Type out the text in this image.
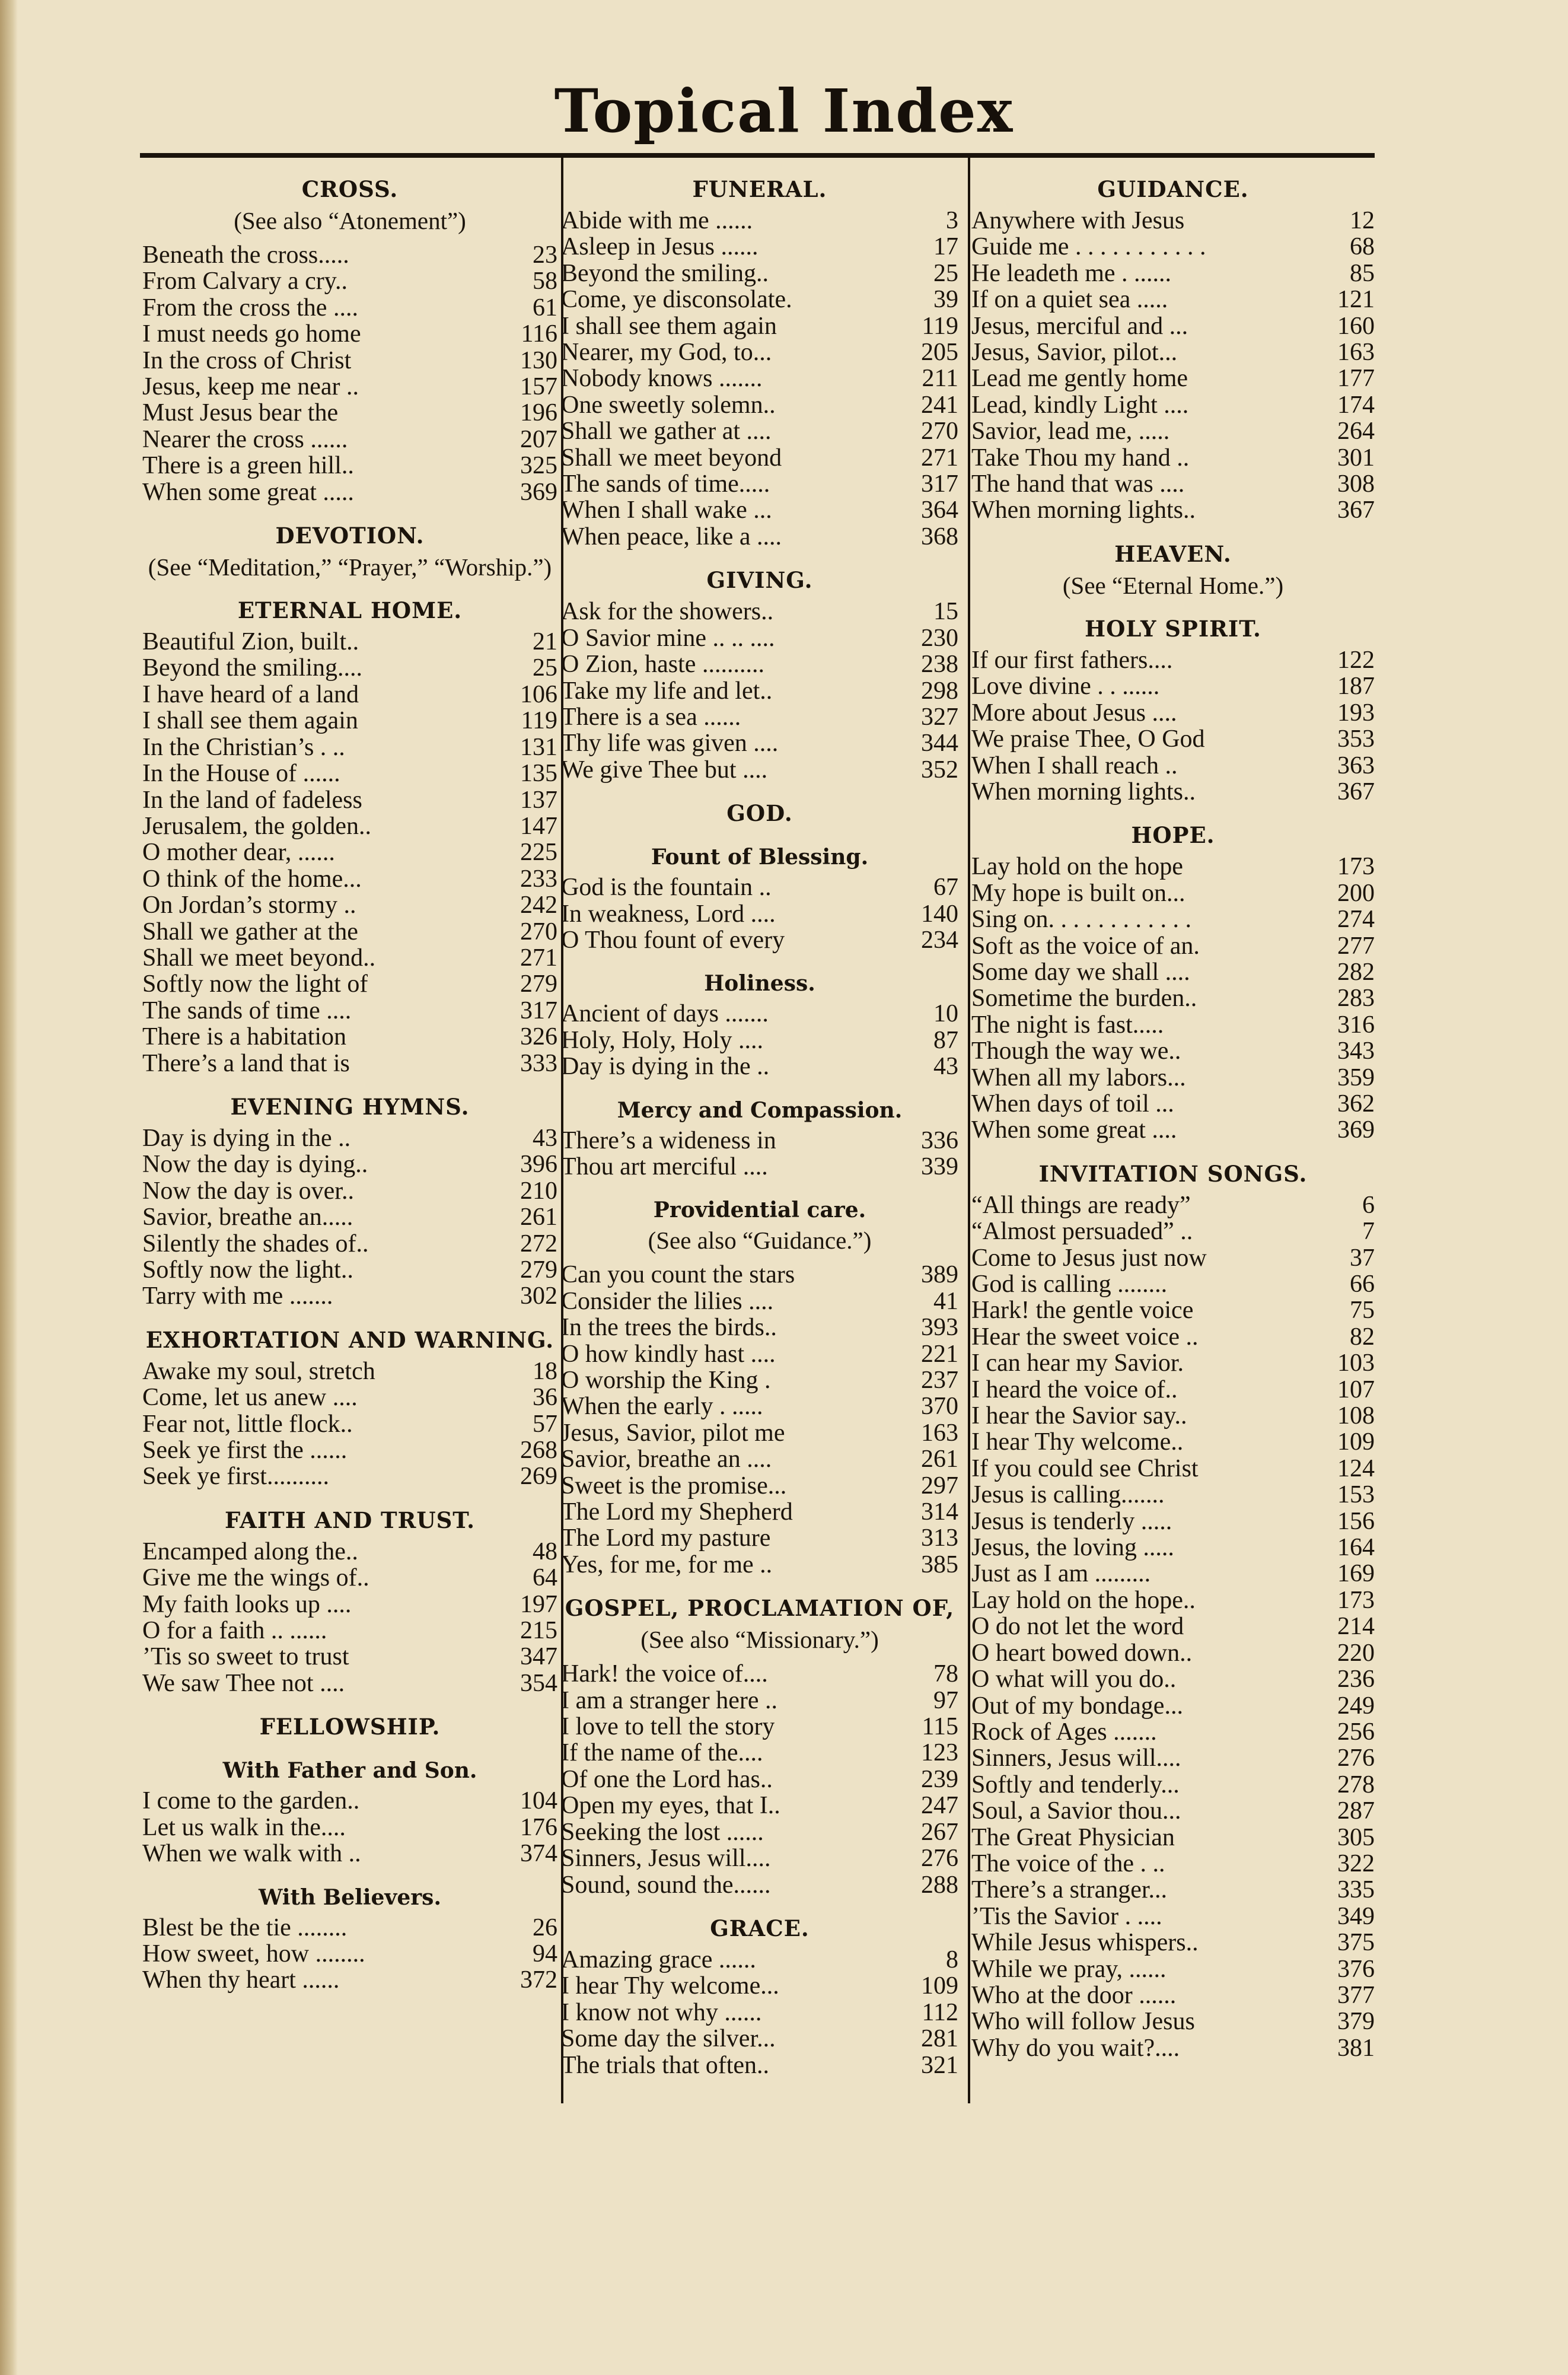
Topical Index
CROSS.
(See also “Atonement”)
Beneath the cross.....	23
From Calvary a cry..	58
From the cross the ....	61
I must needs go home	116
In the cross of Christ	130
Jesus, keep me near ..	157
Must Jesus bear the	196
Nearer the cross ......	207
There is a green hill..	325
When some great .....	369
DEVOTION.
(See “Meditation,” “Prayer,” “Worship.”)
ETERNAL HOME.
Beautiful Zion, built..	21
Beyond the smiling....	25
I have heard of a land	106
I shall see them again	119
In the Christian’s . ..	131
In the House of ......	135
In the land of fadeless	137
Jerusalem, the golden..	147
O mother dear, ......	225
O think of the home...	233
On Jordan’s stormy ..	242
Shall we gather at the	270
Shall we meet beyond..	271
Softly now the light of	279
The sands of time ....	317
There is a habitation	326
There’s a land that is	333
EVENING HYMNS.
Day is dying in the ..	43
Now the day is dying..	396
Now the day is over..	210
Savior, breathe an.....	261
Silently the shades of..	272
Softly now the light..	279
Tarry with me .......	302
EXHORTATION AND WARNING.
Awake my soul, stretch	18
Come, let us anew ....	36
Fear not, little flock..	57
Seek ye first the ......	268
Seek ye first..........	269
FAITH AND TRUST.
Encamped along the..	48
Give me the wings of..	64
My faith looks up ....	197
O for a faith .. ......	215
’Tis so sweet to trust	347
We saw Thee not ....	354
FELLOWSHIP.
With Father and Son.
I come to the garden..	104
Let us walk in the....	176
When we walk with ..	374
With Believers.
Blest be the tie ........	26
How sweet, how ........	94
When thy heart ......	372
FUNERAL.
Abide with me ......	3
Asleep in Jesus ......	17
Beyond the smiling..	25
Come, ye disconsolate.	39
I shall see them again	119
Nearer, my God, to...	205
Nobody knows .......	211
One sweetly solemn..	241
Shall we gather at ....	270
Shall we meet beyond	271
The sands of time.....	317
When I shall wake ...	364
When peace, like a ....	368
GIVING.
Ask for the showers..	15
O Savior mine .. .. ....	230
O Zion, haste ..........	238
Take my life and let..	298
There is a sea ......	327
Thy life was given ....	344
We give Thee but ....	352
GOD.
Fount of Blessing.
God is the fountain ..	67
In weakness, Lord ....	140
O Thou fount of every	234
Holiness.
Ancient of days .......	10
Holy, Holy, Holy ....	87
Day is dying in the ..	43
Mercy and Compassion.
There’s a wideness in	336
Thou art merciful ....	339
Providential care.
(See also “Guidance.”)
Can you count the stars	389
Consider the lilies ....	41
In the trees the birds..	393
O how kindly hast ....	221
O worship the King .	237
When the early . .....	370
Jesus, Savior, pilot me	163
Savior, breathe an ....	261
Sweet is the promise...	297
The Lord my Shepherd	314
The Lord my pasture	313
Yes, for me, for me ..	385
GOSPEL, PROCLAMATION OF,
(See also “Missionary.”)
Hark! the voice of....	78
I am a stranger here ..	97
I love to tell the story	115
If the name of the....	123
Of one the Lord has..	239
Open my eyes, that I..	247
Seeking the lost ......	267
Sinners, Jesus will....	276
Sound, sound the......	288
GRACE.
Amazing grace ......	8
I hear Thy welcome...	109
I know not why ......	112
Some day the silver...	281
The trials that often..	321
GUIDANCE.
Anywhere with Jesus	12
Guide me . . . . . . . . . . .	68
He leadeth me . ......	85
If on a quiet sea .....	121
Jesus, merciful and ...	160
Jesus, Savior, pilot...	163
Lead me gently home	177
Lead, kindly Light ....	174
Savior, lead me, .....	264
Take Thou my hand ..	301
The hand that was ....	308
When morning lights..	367
HEAVEN.
(See “Eternal Home.”)
HOLY SPIRIT.
If our first fathers....	122
Love divine . . ......	187
More about Jesus ....	193
We praise Thee, O God	353
When I shall reach ..	363
When morning lights..	367
HOPE.
Lay hold on the hope	173
My hope is built on...	200
Sing on. . . . . . . . . . . .	274
Soft as the voice of an.	277
Some day we shall ....	282
Sometime the burden..	283
The night is fast.....	316
Though the way we..	343
When all my labors...	359
When days of toil ...	362
When some great ....	369
INVITATION SONGS.
“All things are ready”	6
“Almost persuaded” ..	7
Come to Jesus just now	37
God is calling ........	66
Hark! the gentle voice	75
Hear the sweet voice ..	82
I can hear my Savior.	103
I heard the voice of..	107
I hear the Savior say..	108
I hear Thy welcome..	109
If you could see Christ	124
Jesus is calling.......	153
Jesus is tenderly .....	156
Jesus, the loving .....	164
Just as I am .........	169
Lay hold on the hope..	173
O do not let the word	214
O heart bowed down..	220
O what will you do..	236
Out of my bondage...	249
Rock of Ages .......	256
Sinners, Jesus will....	276
Softly and tenderly...	278
Soul, a Savior thou...	287
The Great Physician	305
The voice of the . ..	322
There’s a stranger...	335
’Tis the Savior . ....	349
While Jesus whispers..	375
While we pray, ......	376
Who at the door ......	377
Who will follow Jesus	379
Why do you wait?....	381
